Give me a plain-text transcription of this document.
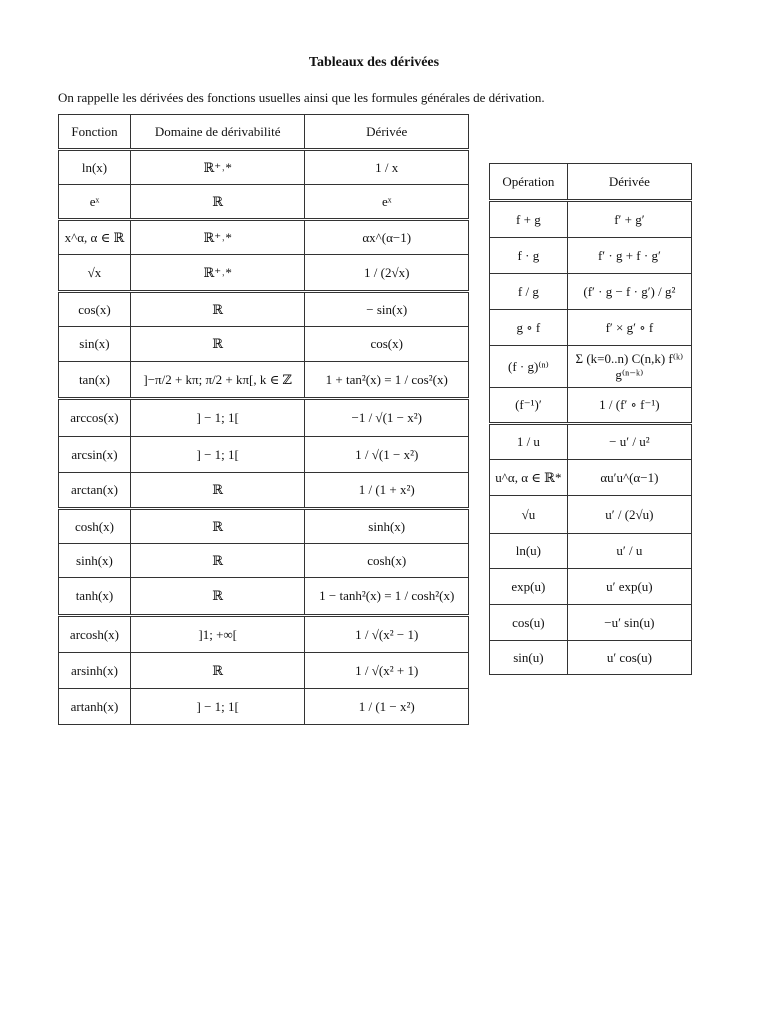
Tableaux des dérivées
On rappelle les dérivées des fonctions usuelles ainsi que les formules générales de dérivation.
Fonction	Domaine de dérivabilité	Dérivée
ln(x)	ℝ⁺˒*	1 / x
eˣ	ℝ	eˣ
x^α, α ∈ ℝ	ℝ⁺˒*	αx^(α−1)
√x	ℝ⁺˒*	1 / (2√x)
cos(x)	ℝ	− sin(x)
sin(x)	ℝ	cos(x)
tan(x)	]−π/2 + kπ; π/2 + kπ[, k ∈ ℤ	1 + tan²(x) = 1 / cos²(x)
arccos(x)	] − 1; 1[	−1 / √(1 − x²)
arcsin(x)	] − 1; 1[	1 / √(1 − x²)
arctan(x)	ℝ	1 / (1 + x²)
cosh(x)	ℝ	sinh(x)
sinh(x)	ℝ	cosh(x)
tanh(x)	ℝ	1 − tanh²(x) = 1 / cosh²(x)
arcosh(x)	]1; +∞[	1 / √(x² − 1)
arsinh(x)	ℝ	1 / √(x² + 1)
artanh(x)	] − 1; 1[	1 / (1 − x²)
Opération	Dérivée
f + g	f′ + g′
f · g	f′ · g + f · g′
f / g	(f′ · g − f · g′) / g²
g ∘ f	f′ × g′ ∘ f
(f · g)⁽ⁿ⁾	Σ (k=0..n) C(n,k) f⁽ᵏ⁾ g⁽ⁿ⁻ᵏ⁾
(f⁻¹)′	1 / (f′ ∘ f⁻¹)
1 / u	− u′ / u²
u^α, α ∈ ℝ*	αu′u^(α−1)
√u	u′ / (2√u)
ln(u)	u′ / u
exp(u)	u′ exp(u)
cos(u)	−u′ sin(u)
sin(u)	u′ cos(u)
